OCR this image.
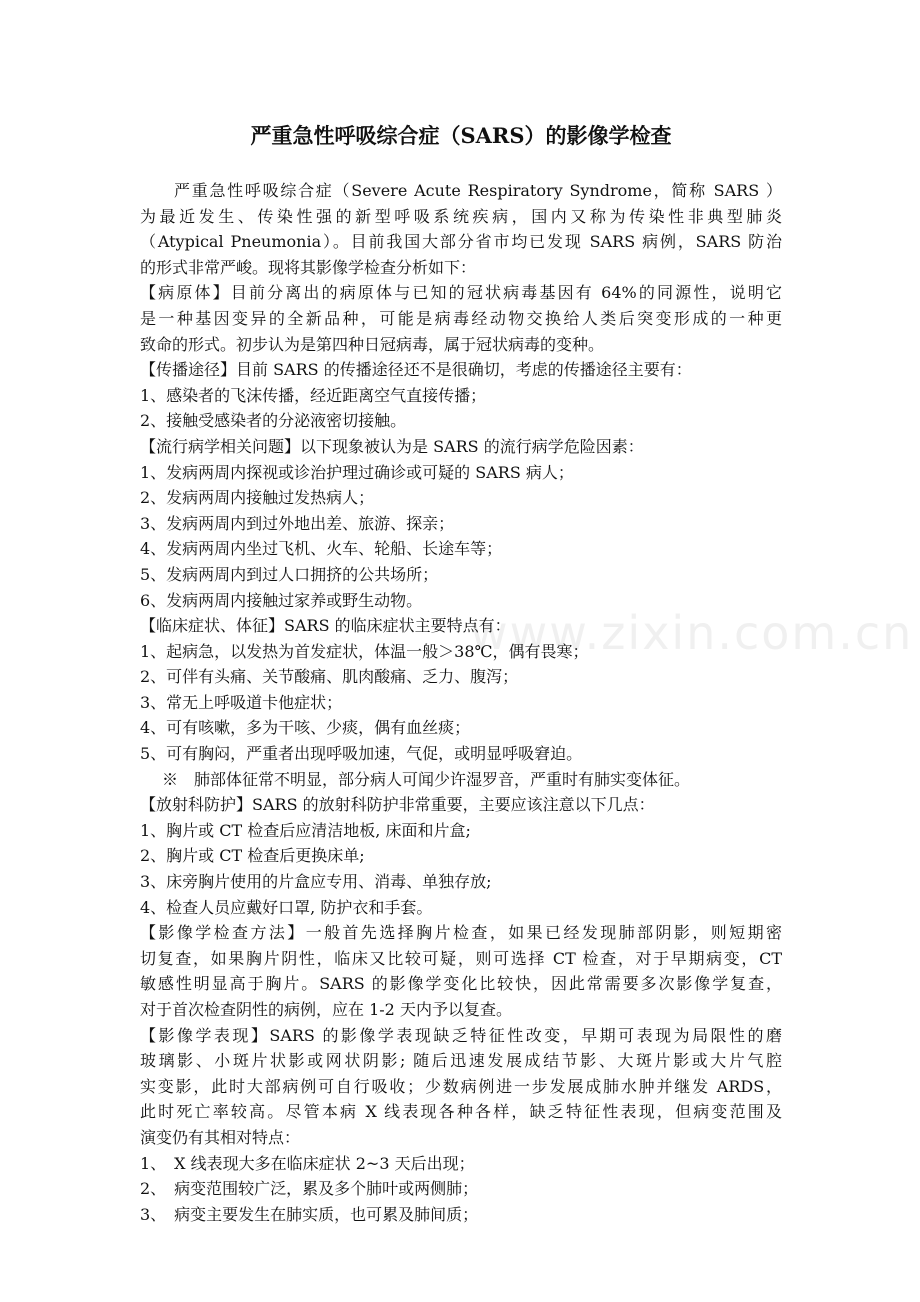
www.zixin.com.cn
严重急性呼吸综合症（SARS）的影像学检查

严重急性呼吸综合症（Severe Acute Respiratory Syndrome，简称 SARS ）

为最近发生、传染性强的新型呼吸系统疾病，国内又称为传染性非典型肺炎

（Atypical Pneumonia）。目前我国大部分省市均已发现 SARS 病例，SARS 防治

的形式非常严峻。现将其影像学检查分析如下：

【病原体】目前分离出的病原体与已知的冠状病毒基因有 64%的同源性，说明它

是一种基因变异的全新品种，可能是病毒经动物交换给人类后突变形成的一种更

致命的形式。初步认为是第四种日冠病毒，属于冠状病毒的变种。

【传播途径】目前 SARS 的传播途径还不是很确切，考虑的传播途径主要有：

1、感染者的飞沫传播，经近距离空气直接传播；

2、接触受感染者的分泌液密切接触。

【流行病学相关问题】以下现象被认为是 SARS 的流行病学危险因素：

1、发病两周内探视或诊治护理过确诊或可疑的 SARS 病人；

2、发病两周内接触过发热病人；

3、发病两周内到过外地出差、旅游、探亲；

4、发病两周内坐过飞机、火车、轮船、长途车等；

5、发病两周内到过人口拥挤的公共场所；

6、发病两周内接触过家养或野生动物。

【临床症状、体征】SARS 的临床症状主要特点有：

1、起病急，以发热为首发症状，体温一般＞38℃，偶有畏寒；

2、可伴有头痛、关节酸痛、肌肉酸痛、乏力、腹泻；

3、常无上呼吸道卡他症状；

4、可有咳嗽，多为干咳、少痰，偶有血丝痰；

5、可有胸闷，严重者出现呼吸加速，气促，或明显呼吸窘迫。

※　肺部体征常不明显，部分病人可闻少许湿罗音，严重时有肺实变体征。

【放射科防护】SARS 的放射科防护非常重要，主要应该注意以下几点：

1、胸片或 CT 检查后应清洁地板, 床面和片盒;

2、胸片或 CT 检查后更换床单;

3、床旁胸片使用的片盒应专用、消毒、单独存放;

4、检查人员应戴好口罩, 防护衣和手套。

【影像学检查方法】一般首先选择胸片检查，如果已经发现肺部阴影，则短期密

切复查，如果胸片阴性，临床又比较可疑，则可选择 CT 检查，对于早期病变，CT

敏感性明显高于胸片。SARS 的影像学变化比较快，因此常需要多次影像学复查，

对于首次检查阴性的病例，应在 1-2 天内予以复查。

【影像学表现】SARS 的影像学表现缺乏特征性改变，早期可表现为局限性的磨

玻璃影、小斑片状影或网状阴影; 随后迅速发展成结节影、大斑片影或大片气腔

实变影，此时大部病例可自行吸收；少数病例进一步发展成肺水肿并继发 ARDS，

此时死亡率较高。尽管本病 X 线表现各种各样，缺乏特征性表现，但病变范围及

演变仍有其相对特点：

1、　X 线表现大多在临床症状 2~3 天后出现；

2、　病变范围较广泛，累及多个肺叶或两侧肺；

3、　病变主要发生在肺实质，也可累及肺间质；
